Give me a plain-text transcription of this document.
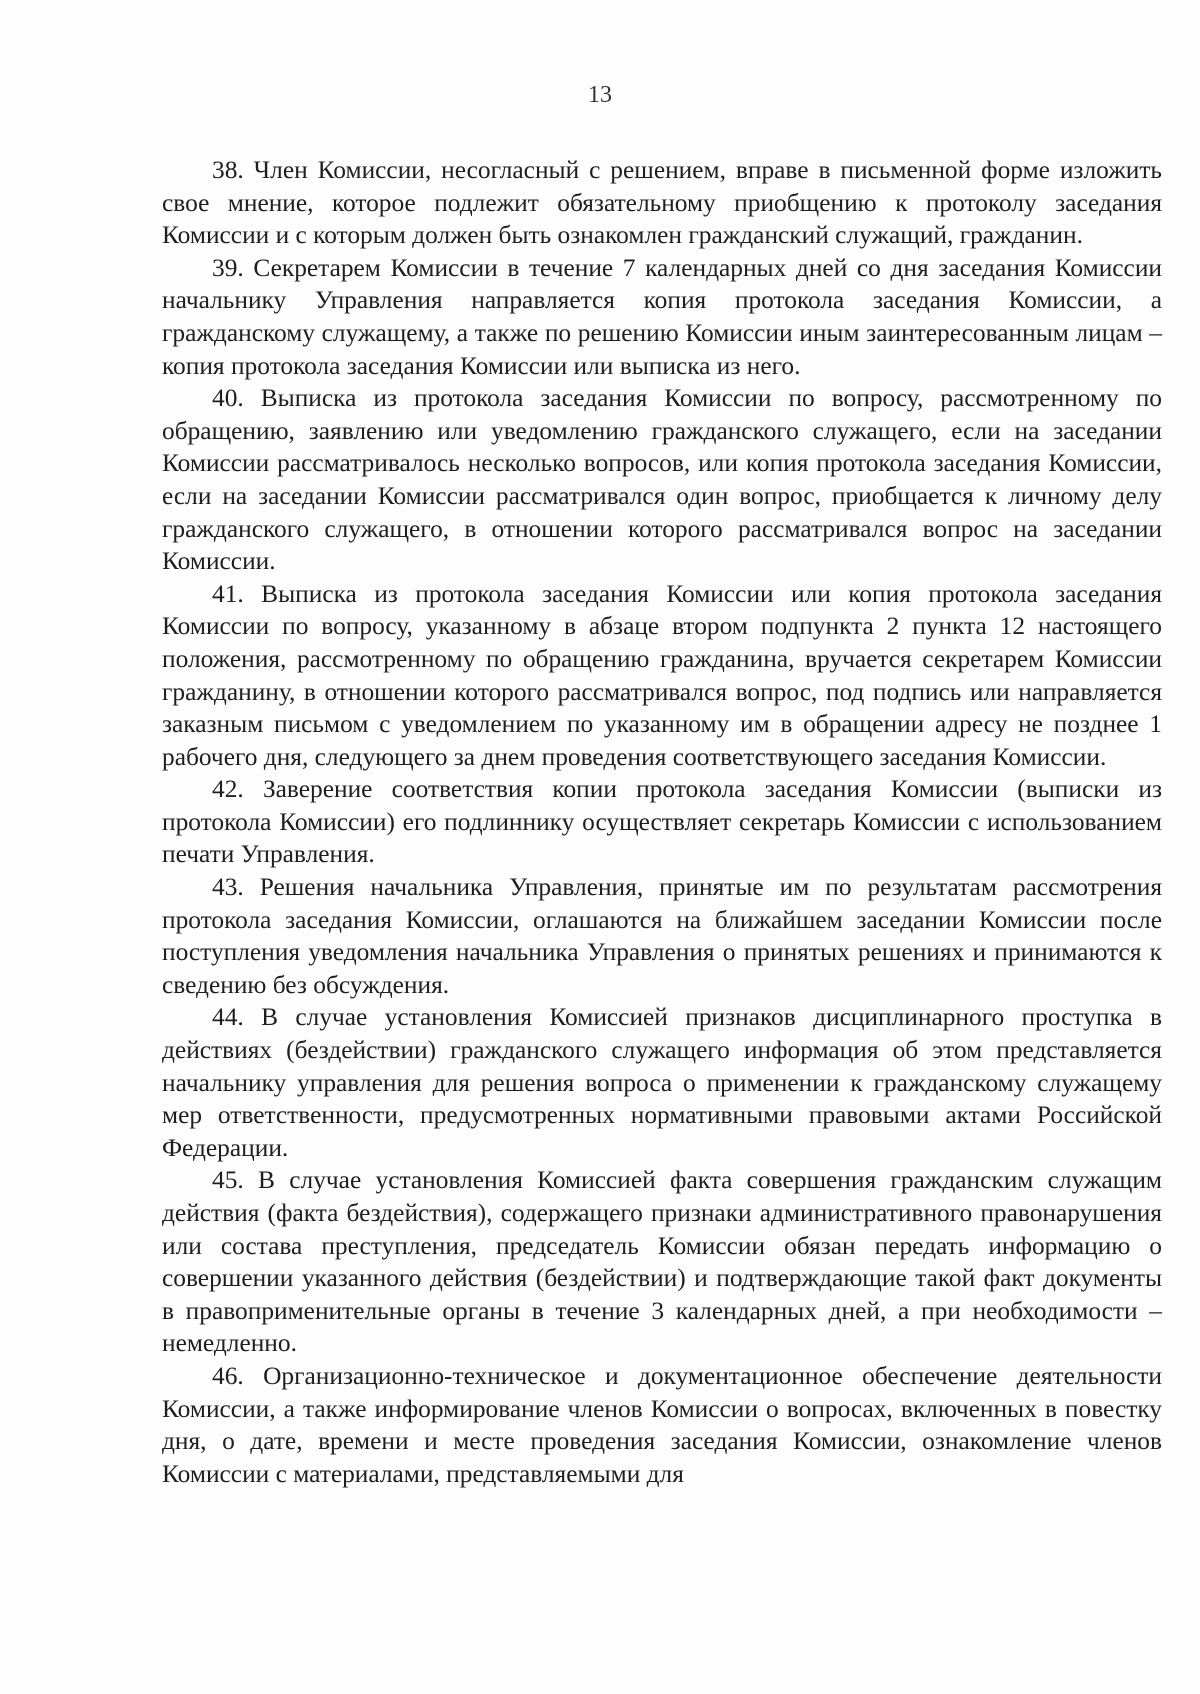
13

38. Член Комиссии, несогласный с решением, вправе в письменной форме изложить свое мнение, которое подлежит обязательному приобщению к протоколу заседания Комиссии и с которым должен быть ознакомлен гражданский служащий, гражданин.

39. Секретарем Комиссии в течение 7 календарных дней со дня заседания Комиссии начальнику Управления направляется копия протокола заседания Комиссии, а гражданскому служащему, а также по решению Комиссии иным заинтересованным лицам – копия протокола заседания Комиссии или выписка из него.

40. Выписка из протокола заседания Комиссии по вопросу, рассмотренному по обращению, заявлению или уведомлению гражданского служащего, если на заседании Комиссии рассматривалось несколько вопросов, или копия протокола заседания Комиссии, если на заседании Комиссии рассматривался один вопрос, приобщается к личному делу гражданского служащего, в отношении которого рассматривался вопрос на заседании Комиссии.

41. Выписка из протокола заседания Комиссии или копия протокола заседания Комиссии по вопросу, указанному в абзаце втором подпункта 2 пункта 12 настоящего положения, рассмотренному по обращению гражданина, вручается секретарем Комиссии гражданину, в отношении которого рассматривался вопрос, под подпись или направляется заказным письмом с уведомлением по указанному им в обращении адресу не позднее 1 рабочего дня, следующего за днем проведения соответствующего заседания Комиссии.

42. Заверение соответствия копии протокола заседания Комиссии (выписки из протокола Комиссии) его подлиннику осуществляет секретарь Комиссии с использованием печати Управления.

43. Решения начальника Управления, принятые им по результатам рассмотрения протокола заседания Комиссии, оглашаются на ближайшем заседании Комиссии после поступления уведомления начальника Управления о принятых решениях и принимаются к сведению без обсуждения.

44. В случае установления Комиссией признаков дисциплинарного проступка в действиях (бездействии) гражданского служащего информация об этом представляется начальнику управления для решения вопроса о применении к гражданскому служащему мер ответственности, предусмотренных нормативными правовыми актами Российской Федерации.

45. В случае установления Комиссией факта совершения гражданским служащим действия (факта бездействия), содержащего признаки административного правонарушения или состава преступления, председатель Комиссии обязан передать информацию о совершении указанного действия (бездействии) и подтверждающие такой факт документы в правоприменительные органы в течение 3 календарных дней, а при необходимости – немедленно.

46. Организационно-техническое и документационное обеспечение деятельности Комиссии, а также информирование членов Комиссии о вопросах, включенных в повестку дня, о дате, времени и месте проведения заседания Комиссии, ознакомление членов Комиссии с материалами, представляемыми для
